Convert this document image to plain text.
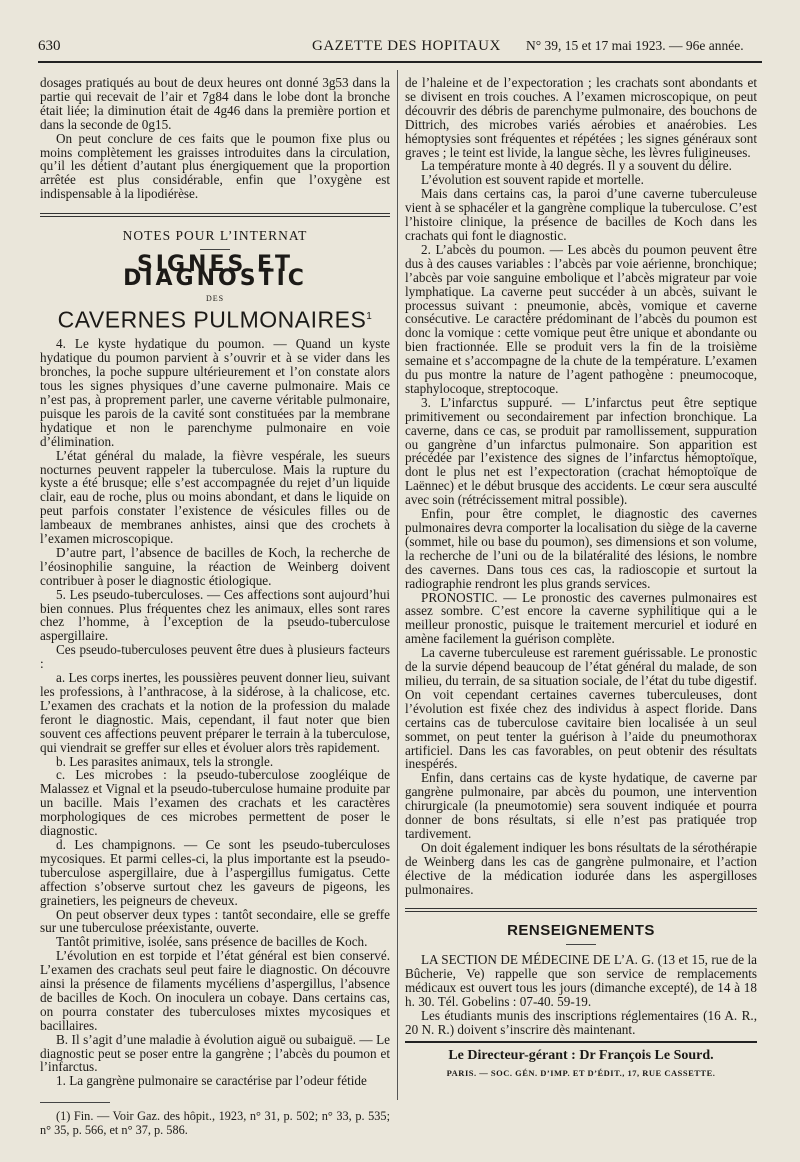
630	GAZETTE DES HOPITAUX N° 39, 15 et 17 mai 1923. — 96e année.

dosages pratiqués au bout de deux heures ont donné 3g53 dans la partie qui recevait de l’air et 7g84 dans le lobe dont la bronche était liée; la diminution était de 4g46 dans la première portion et dans la seconde de 0g15.

On peut conclure de ces faits que le poumon fixe plus ou moins complètement les graisses introduites dans la circulation, qu’il les détient d’autant plus énergiquement que la proportion arrêtée est plus considérable, enfin que l’oxygène est indispensable à la lipodiérèse.

NOTES POUR L’INTERNAT
SIGNES ET DIAGNOSTIC
DES
CAVERNES PULMONAIRES$^1$

4. Le kyste hydatique du poumon. — Quand un kyste hydatique du poumon parvient à s’ouvrir et à se vider dans les bronches, la poche suppure ultérieurement et l’on constate alors tous les signes physiques d’une caverne pulmonaire. Mais ce n’est pas, à proprement parler, une caverne véritable pulmonaire, puisque les parois de la cavité sont constituées par la membrane hydatique et non le parenchyme pulmonaire en voie d’élimination.

L’état général du malade, la fièvre vespérale, les sueurs nocturnes peuvent rappeler la tuberculose. Mais la rupture du kyste a été brusque; elle s’est accompagnée du rejet d’un liquide clair, eau de roche, plus ou moins abondant, et dans le liquide on peut parfois constater l’existence de vésicules filles ou de lambeaux de membranes anhistes, ainsi que des crochets à l’examen microscopique.

D’autre part, l’absence de bacilles de Koch, la recherche de l’éosinophilie sanguine, la réaction de Weinberg doivent contribuer à poser le diagnostic étiologique.

5. Les pseudo-tuberculoses. — Ces affections sont aujourd’hui bien connues. Plus fréquentes chez les animaux, elles sont rares chez l’homme, à l’exception de la pseudo-tuberculose aspergillaire.

Ces pseudo-tuberculoses peuvent être dues à plusieurs facteurs :

a. Les corps inertes, les poussières peuvent donner lieu, suivant les professions, à l’anthracose, à la sidérose, à la chalicose, etc. L’examen des crachats et la notion de la profession du malade feront le diagnostic. Mais, cependant, il faut noter que bien souvent ces affections peuvent préparer le terrain à la tuberculose, qui viendrait se greffer sur elles et évoluer alors très rapidement.

b. Les parasites animaux, tels la strongle.

c. Les microbes : la pseudo-tuberculose zoogléique de Malassez et Vignal et la pseudo-tuberculose humaine produite par un bacille. Mais l’examen des crachats et les caractères morphologiques de ces microbes permettent de poser le diagnostic.

d. Les champignons. — Ce sont les pseudo-tuberculoses mycosiques. Et parmi celles-ci, la plus importante est la pseudo-tuberculose aspergillaire, due à l’aspergillus fumigatus. Cette affection s’observe surtout chez les gaveurs de pigeons, les grainetiers, les peigneurs de cheveux.

On peut observer deux types : tantôt secondaire, elle se greffe sur une tuberculose préexistante, ouverte.

Tantôt primitive, isolée, sans présence de bacilles de Koch.

L’évolution en est torpide et l’état général est bien conservé. L’examen des crachats seul peut faire le diagnostic. On découvre ainsi la présence de filaments mycéliens d’aspergillus, l’absence de bacilles de Koch. On inoculera un cobaye. Dans certains cas, on pourra constater des tuberculoses mixtes mycosiques et bacillaires.

B. Il s’agit d’une maladie à évolution aiguë ou subaiguë. — Le diagnostic peut se poser entre la gangrène ; l’abcès du poumon et l’infarctus.

1. La gangrène pulmonaire se caractérise par l’odeur fétide

(1) Fin. — Voir Gaz. des hôpit., 1923, n° 31, p. 502; n° 33, p. 535; n° 35, p. 566, et n° 37, p. 586.

de l’haleine et de l’expectoration ; les crachats sont abondants et se divisent en trois couches. A l’examen microscopique, on peut découvrir des débris de parenchyme pulmonaire, des bouchons de Dittrich, des microbes variés aérobies et anaérobies. Les hémoptysies sont fréquentes et répétées ; les signes généraux sont graves ; le teint est livide, la langue sèche, les lèvres fuligineuses.

La température monte à 40 degrés. Il y a souvent du délire.

L’évolution est souvent rapide et mortelle.

Mais dans certains cas, la paroi d’une caverne tuberculeuse vient à se sphacéler et la gangrène complique la tuberculose. C’est l’histoire clinique, la présence de bacilles de Koch dans les crachats qui font le diagnostic.

2. L’abcès du poumon. — Les abcès du poumon peuvent être dus à des causes variables : l’abcès par voie aérienne, bronchique; l’abcès par voie sanguine embolique et l’abcès migrateur par voie lymphatique. La caverne peut succéder à un abcès, suivant le processus suivant : pneumonie, abcès, vomique et caverne consécutive. Le caractère prédominant de l’abcès du poumon est donc la vomique : cette vomique peut être unique et abondante ou bien fractionnée. Elle se produit vers la fin de la troisième semaine et s’accompagne de la chute de la température. L’examen du pus montre la nature de l’agent pathogène : pneumocoque, staphylocoque, streptocoque.

3. L’infarctus suppuré. — L’infarctus peut être septique primitivement ou secondairement par infection bronchique. La caverne, dans ce cas, se produit par ramollissement, suppuration ou gangrène d’un infarctus pulmonaire. Son apparition est précédée par l’existence des signes de l’infarctus hémoptoïque, dont le plus net est l’expectoration (crachat hémoptoïque de Laënnec) et le début brusque des accidents. Le cœur sera ausculté avec soin (rétrécissement mitral possible).

Enfin, pour être complet, le diagnostic des cavernes pulmonaires devra comporter la localisation du siège de la caverne (sommet, hile ou base du poumon), ses dimensions et son volume, la recherche de l’uni ou de la bilatéralité des lésions, le nombre des cavernes. Dans tous ces cas, la radioscopie et surtout la radiographie rendront les plus grands services.

PRONOSTIC. — Le pronostic des cavernes pulmonaires est assez sombre. C’est encore la caverne syphilitique qui a le meilleur pronostic, puisque le traitement mercuriel et ioduré en amène facilement la guérison complète.

La caverne tuberculeuse est rarement guérissable. Le pronostic de la survie dépend beaucoup de l’état général du malade, de son milieu, du terrain, de sa situation sociale, de l’état du tube digestif. On voit cependant certaines cavernes tuberculeuses, dont l’évolution est fixée chez des individus à aspect floride. Dans certains cas de tuberculose cavitaire bien localisée à un seul sommet, on peut tenter la guérison à l’aide du pneumothorax artificiel. Dans les cas favorables, on peut obtenir des résultats inespérés.

Enfin, dans certains cas de kyste hydatique, de caverne par gangrène pulmonaire, par abcès du poumon, une intervention chirurgicale (la pneumotomie) sera souvent indiquée et pourra donner de bons résultats, si elle n’est pas pratiquée trop tardivement.

On doit également indiquer les bons résultats de la sérothérapie de Weinberg dans les cas de gangrène pulmonaire, et l’action élective de la médication iodurée dans les aspergilloses pulmonaires.

RENSEIGNEMENTS

LA SECTION DE MÉDECINE DE L’A. G. (13 et 15, rue de la Bûcherie, Ve) rappelle que son service de remplacements médicaux est ouvert tous les jours (dimanche excepté), de 14 à 18 h. 30. Tél. Gobelins : 07-40. 59-19.

Les étudiants munis des inscriptions réglementaires (16 A. R., 20 N. R.) doivent s’inscrire dès maintenant.

Le Directeur-gérant : Dr François Le Sourd.
PARIS. — SOC. GÉN. D’IMP. ET D’ÉDIT., 17, RUE CASSETTE.
